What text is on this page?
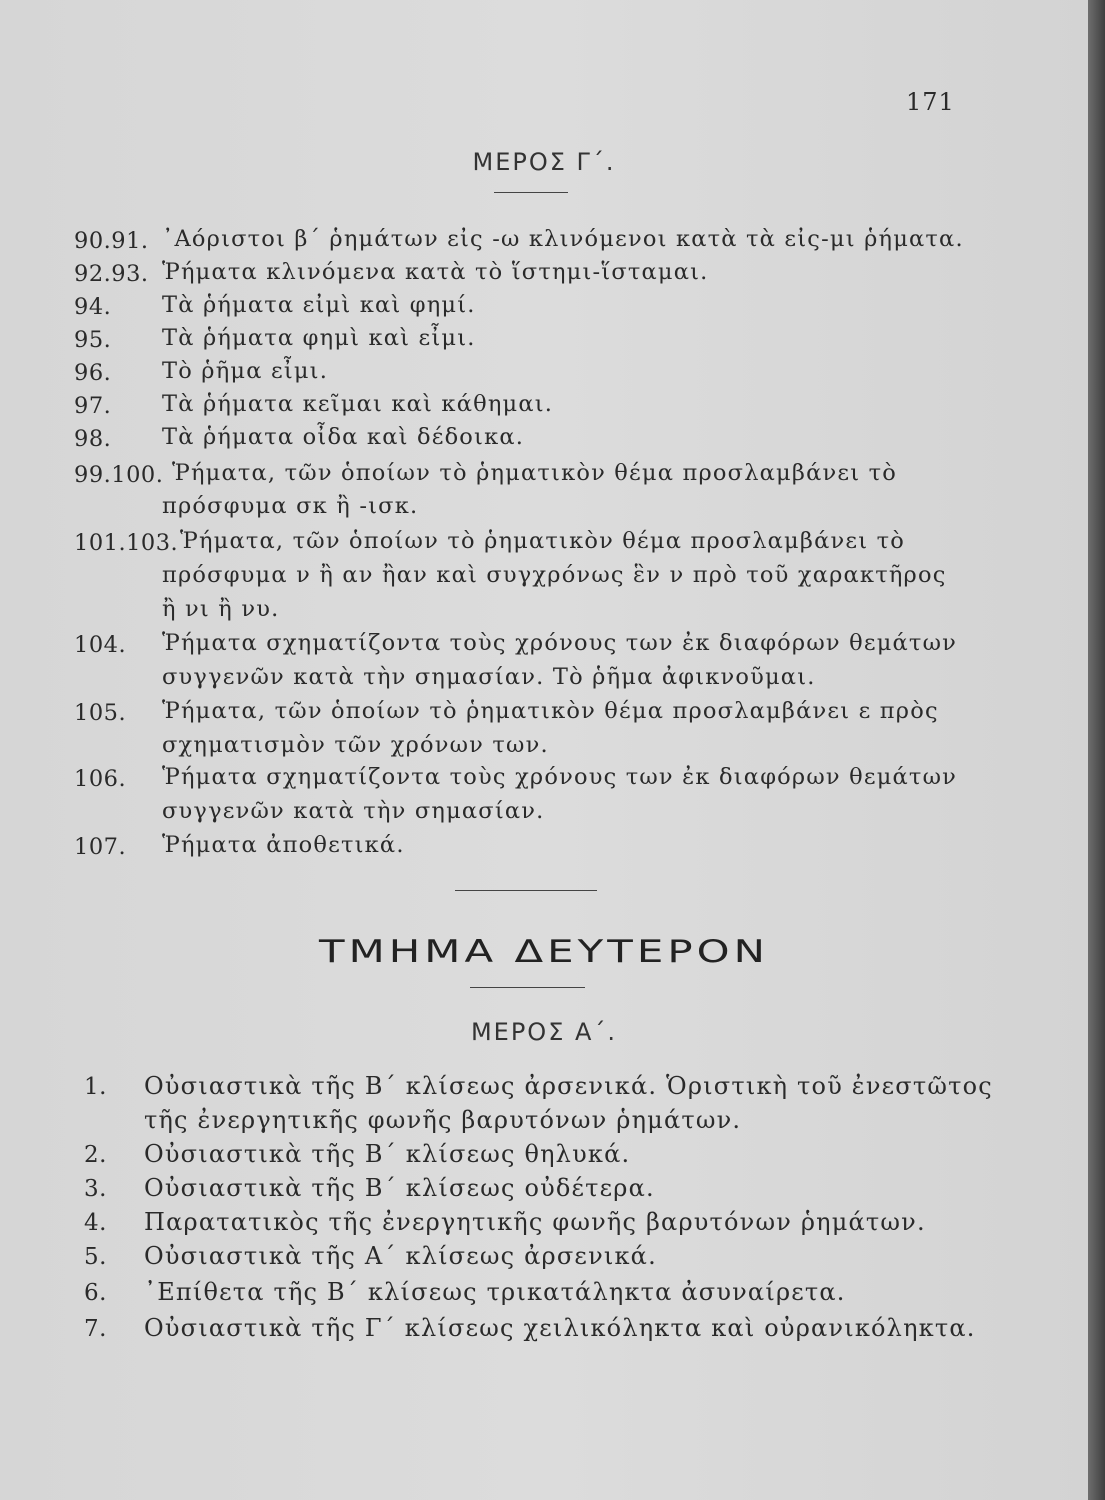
171
ΜΕΡΟΣ Γ΄.
90.91. ᾿Αόριστοι β΄ ῥημάτων εἰς -ω κλινόμενοι κατὰ τὰ εἰς-μι ῥήματα.
92.93. Ῥήματα κλινόμενα κατὰ τὸ ἵστημι-ἵσταμαι.
94. Τὰ ῥήματα εἰμὶ καὶ φημί.
95. Τὰ ῥήματα φημὶ καὶ εἶμι.
96. Τὸ ῥῆμα εἶμι.
97. Τὰ ῥήματα κεῖμαι καὶ κάθημαι.
98. Τὰ ῥήματα οἶδα καὶ δέδοικα.
99.100. Ῥήματα, τῶν ὁποίων τὸ ῥηματικὸν θέμα προσλαμβάνει τὸ
πρόσφυμα σκ ἢ -ισκ.
101.103. Ῥήματα, τῶν ὁποίων τὸ ῥηματικὸν θέμα προσλαμβάνει τὸ
πρόσφυμα ν ἢ αν ἢαν καὶ συγχρόνως ἓν ν πρὸ τοῦ χαρακτῆρος
ἢ νι ἢ νυ.
104. Ῥήματα σχηματίζοντα τοὺς χρόνους των ἐκ διαφόρων θεμάτων
συγγενῶν κατὰ τὴν σημασίαν. Τὸ ῥῆμα ἀφικνοῦμαι.
105. Ῥήματα, τῶν ὁποίων τὸ ῥηματικὸν θέμα προσλαμβάνει ε πρὸς
σχηματισμὸν τῶν χρόνων των.
106. Ῥήματα σχηματίζοντα τοὺς χρόνους των ἐκ διαφόρων θεμάτων
συγγενῶν κατὰ τὴν σημασίαν.
107. Ῥήματα ἀποθετικά.
ΤΜΗΜΑ ΔΕΥΤΕΡΟΝ
ΜΕΡΟΣ Α΄.
1. Οὐσιαστικὰ τῆς Β΄ κλίσεως ἀρσενικά. Ὁριστικὴ τοῦ ἐνεστῶτος
τῆς ἐνεργητικῆς φωνῆς βαρυτόνων ῥημάτων.
2. Οὐσιαστικὰ τῆς Β΄ κλίσεως θηλυκά.
3. Οὐσιαστικὰ τῆς Β΄ κλίσεως οὐδέτερα.
4. Παρατατικὸς τῆς ἐνεργητικῆς φωνῆς βαρυτόνων ῥημάτων.
5. Οὐσιαστικὰ τῆς Α΄ κλίσεως ἀρσενικά.
6. ᾿Επίθετα τῆς Β΄ κλίσεως τρικατάληκτα ἀσυναίρετα.
7. Οὐσιαστικὰ τῆς Γ΄ κλίσεως χειλικόληκτα καὶ οὐρανικόληκτα.
